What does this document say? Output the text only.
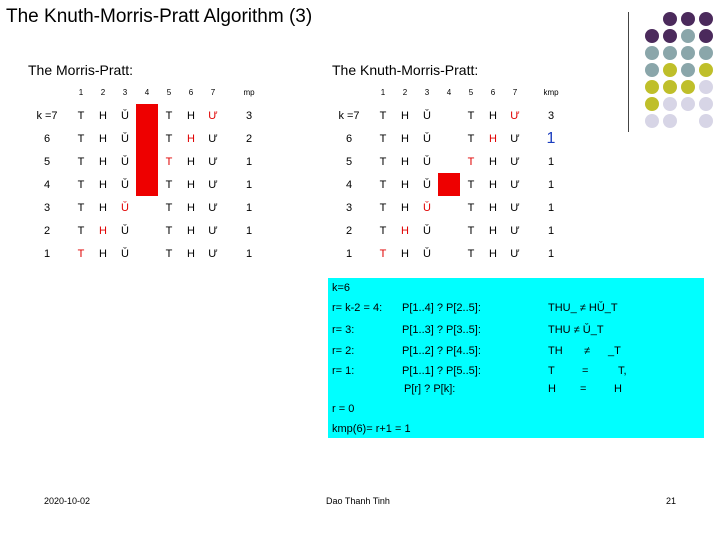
The Knuth-Morris-Pratt Algorithm (3)
The Morris-Pratt:	The Knuth-Morris-Pratt:
	1	2	3	4	5	6	7	mp
k =7	T	H	Ǔ		T	H	Ư	3
6	T	H	Ǔ		T	H	Ư	2
5	T	H	Ǔ		T	H	Ư	1
4	T	H	Ǔ		T	H	Ư	1
3	T	H	Ǔ		T	H	Ư	1
2	T	H	Ǔ		T	H	Ư	1
1	T	H	Ǔ		T	H	Ư	1
	1	2	3	4	5	6	7	kmp
k =7	T	H	Ǔ		T	H	Ư	3
6	T	H	Ǔ		T	H	Ư	1
5	T	H	Ǔ		T	H	Ư	1
4	T	H	Ǔ		T	H	Ư	1
3	T	H	Ǔ		T	H	Ư	1
2	T	H	Ǔ		T	H	Ư	1
1	T	H	Ǔ		T	H	Ư	1
k=6
r= k-2 = 4: P[1..4] ? P[2..5]:	THU_ ≠ HǓ_T
r= 3:	P[1..3] ? P[3..5]:	THU ≠ Ǔ_T
r= 2:	P[1..2] ? P[4..5]:	TH ≠ _T
r= 1:	P[1..1] ? P[5..5]:	T =	T,
P[r] ? P[k]:	H =	H
r = 0
kmp(6)= r+1 = 1
2020-10-02	Dao Thanh Tinh	21
